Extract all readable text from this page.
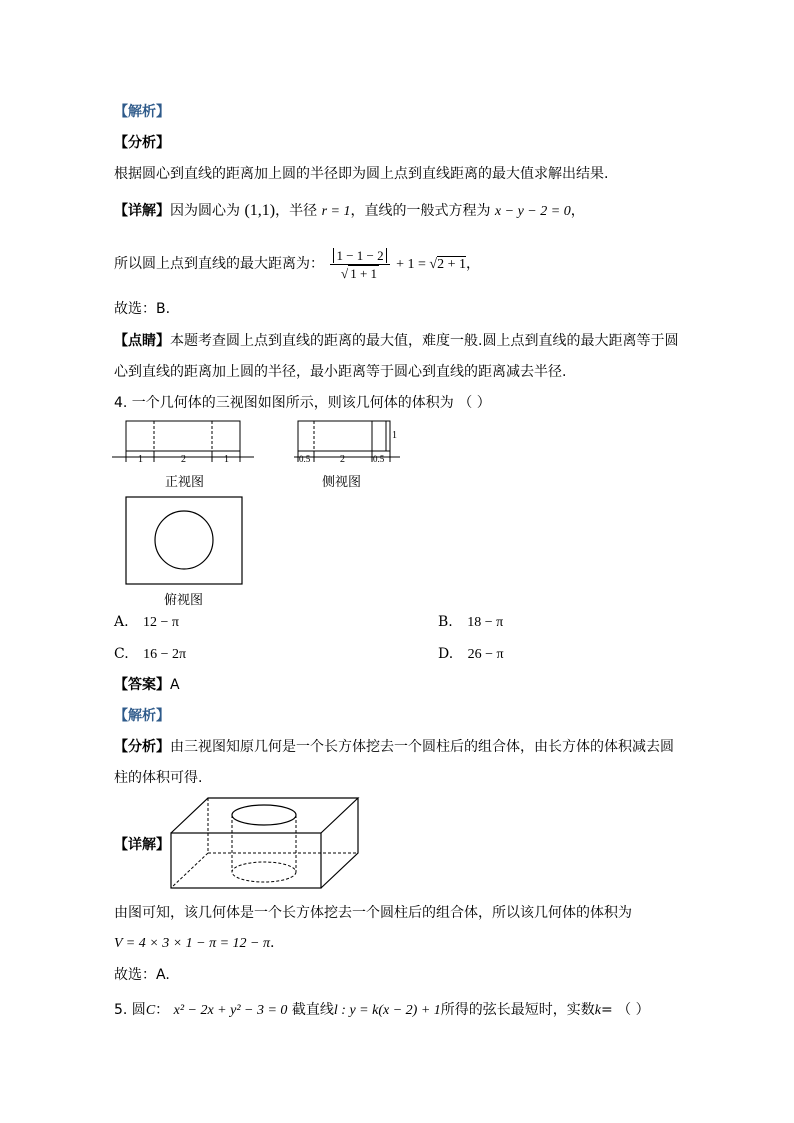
【解析】
【分析】
根据圆心到直线的距离加上圆的半径即为圆上点到直线距离的最大值求解出结果.
【详解】因为圆心为 (1,1)，半径 r = 1，直线的一般式方程为 x − y − 2 = 0，
所以圆上点到直线的最大距离为： $\frac{1 - 1 - 2}{√ 1 + 1} + 1 = √2 + 1$，
故选：B.
【点睛】本题考查圆上点到直线的距离的最大值，难度一般.圆上点到直线的最大距离等于圆
心到直线的距离加上圆的半径，最小距离等于圆心到直线的距离减去半径.
4. 一个几何体的三视图如图所示，则该几何体的体积为 （ ）
1	2	1
正视图
0.5	2	0.5
1
侧视图
俯视图
A. 12 − π	B. 18 − π
C. 16 − 2π	D. 26 − π
【答案】A
【解析】
【分析】由三视图知原几何是一个长方体挖去一个圆柱后的组合体，由长方体的体积减去圆
柱的体积可得.
【详解】
由图可知，该几何体是一个长方体挖去一个圆柱后的组合体，所以该几何体的体积为
V = 4 × 3 × 1 − π = 12 − π.
故选：A.
5. 圆C： x² − 2x + y² − 3 = 0 截直线l : y = k(x − 2) + 1所得的弦长最短时，实数k= （ ）
